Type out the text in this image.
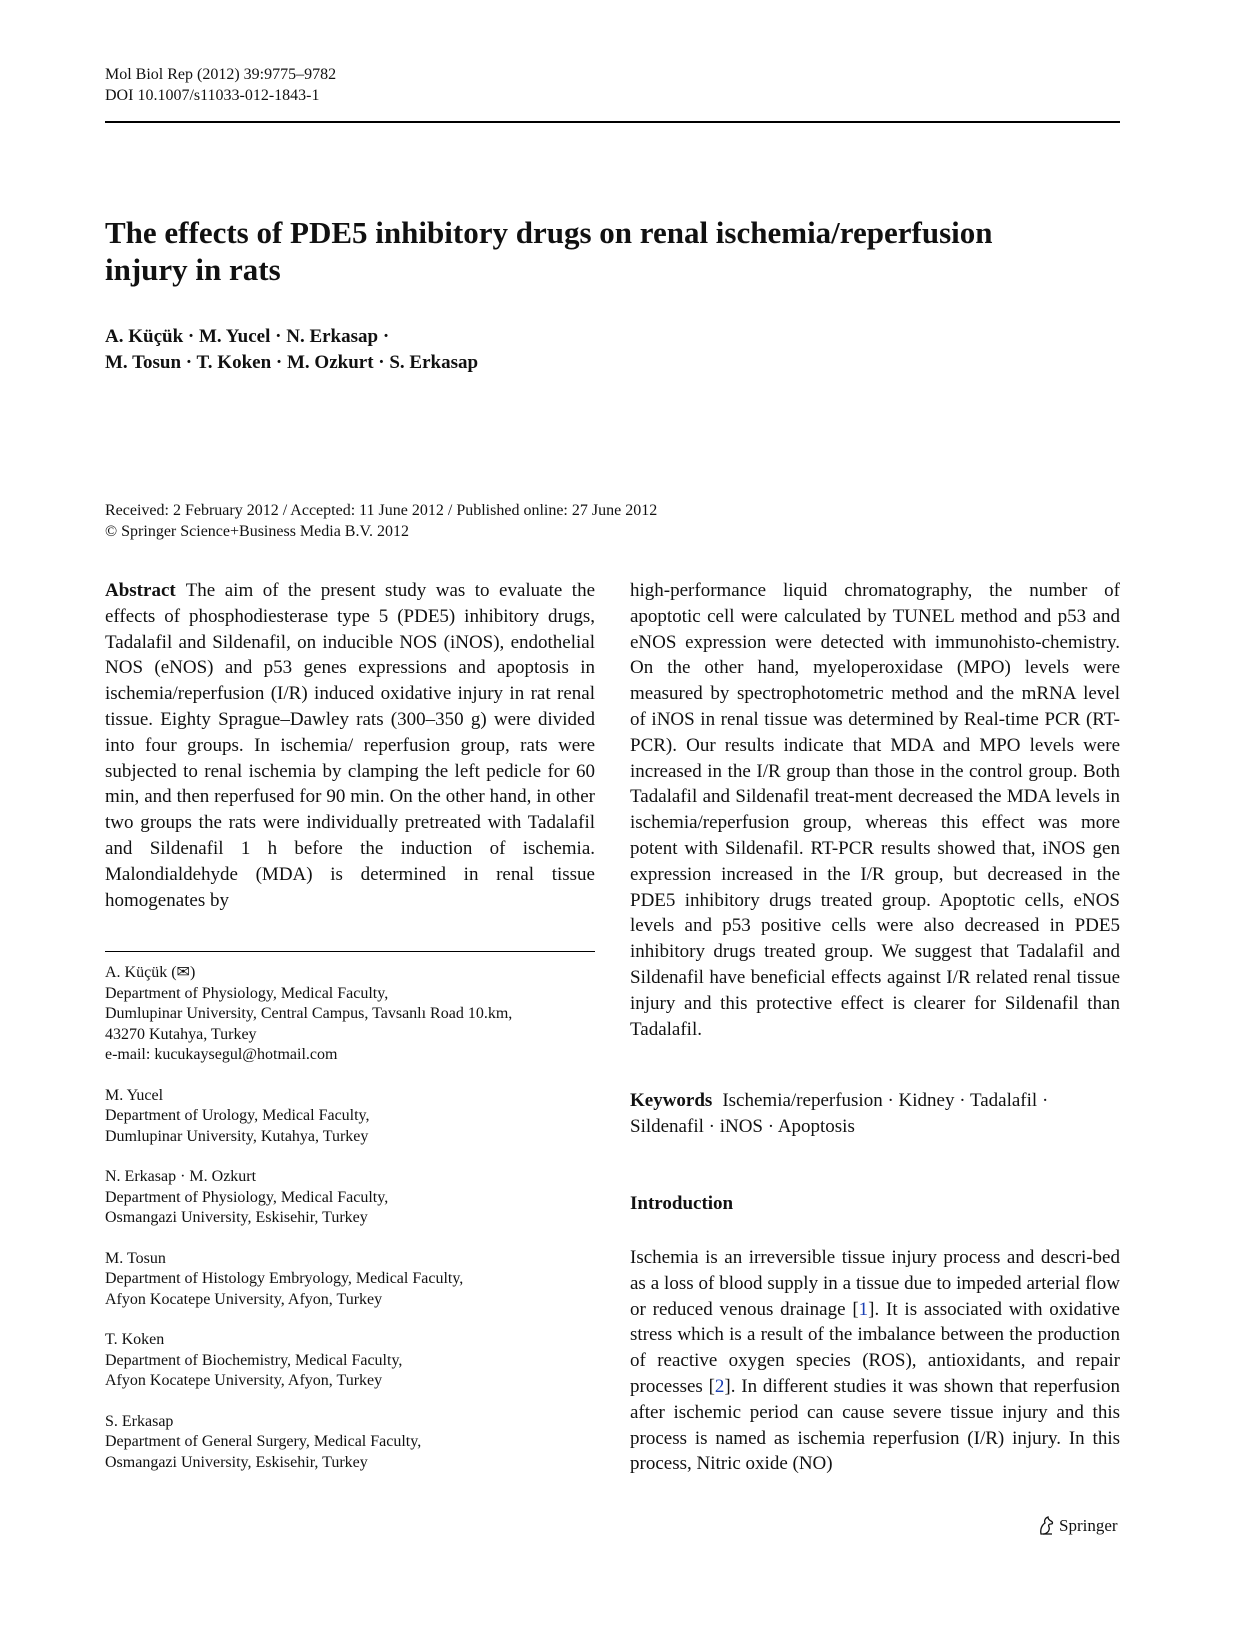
Mol Biol Rep (2012) 39:9775–9782
DOI 10.1007/s11033-012-1843-1
The effects of PDE5 inhibitory drugs on renal ischemia/reperfusion injury in rats
A. Küçük · M. Yucel · N. Erkasap ·
M. Tosun · T. Koken · M. Ozkurt · S. Erkasap
Received: 2 February 2012 / Accepted: 11 June 2012 / Published online: 27 June 2012
© Springer Science+Business Media B.V. 2012
Abstract The aim of the present study was to evaluate the effects of phosphodiesterase type 5 (PDE5) inhibitory drugs, Tadalafil and Sildenafil, on inducible NOS (iNOS), endothelial NOS (eNOS) and p53 genes expressions and apoptosis in ischemia/reperfusion (I/R) induced oxidative injury in rat renal tissue. Eighty Sprague–Dawley rats (300–350 g) were divided into four groups. In ischemia/ reperfusion group, rats were subjected to renal ischemia by clamping the left pedicle for 60 min, and then reperfused for 90 min. On the other hand, in other two groups the rats were individually pretreated with Tadalafil and Sildenafil 1 h before the induction of ischemia. Malondialdehyde (MDA) is determined in renal tissue homogenates by
high-performance liquid chromatography, the number of apoptotic cell were calculated by TUNEL method and p53 and eNOS expression were detected with immunohisto-chemistry. On the other hand, myeloperoxidase (MPO) levels were measured by spectrophotometric method and the mRNA level of iNOS in renal tissue was determined by Real-time PCR (RT-PCR). Our results indicate that MDA and MPO levels were increased in the I/R group than those in the control group. Both Tadalafil and Sildenafil treat-ment decreased the MDA levels in ischemia/reperfusion group, whereas this effect was more potent with Sildenafil. RT-PCR results showed that, iNOS gen expression increased in the I/R group, but decreased in the PDE5 inhibitory drugs treated group. Apoptotic cells, eNOS levels and p53 positive cells were also decreased in PDE5 inhibitory drugs treated group. We suggest that Tadalafil and Sildenafil have beneficial effects against I/R related renal tissue injury and this protective effect is clearer for Sildenafil than Tadalafil.
A. Küçük (✉)
Department of Physiology, Medical Faculty,
Dumlupinar University, Central Campus, Tavsanlı Road 10.km,
43270 Kutahya, Turkey
e-mail: kucukaysegul@hotmail.com
M. Yucel
Department of Urology, Medical Faculty,
Dumlupinar University, Kutahya, Turkey
N. Erkasap · M. Ozkurt
Department of Physiology, Medical Faculty,
Osmangazi University, Eskisehir, Turkey
M. Tosun
Department of Histology Embryology, Medical Faculty,
Afyon Kocatepe University, Afyon, Turkey
T. Koken
Department of Biochemistry, Medical Faculty,
Afyon Kocatepe University, Afyon, Turkey
S. Erkasap
Department of General Surgery, Medical Faculty,
Osmangazi University, Eskisehir, Turkey
Keywords Ischemia/reperfusion · Kidney · Tadalafil ·
Sildenafil · iNOS · Apoptosis
Introduction
Ischemia is an irreversible tissue injury process and descri-bed as a loss of blood supply in a tissue due to impeded arterial flow or reduced venous drainage [1]. It is associated with oxidative stress which is a result of the imbalance between the production of reactive oxygen species (ROS), antioxidants, and repair processes [2]. In different studies it was shown that reperfusion after ischemic period can cause severe tissue injury and this process is named as ischemia reperfusion (I/R) injury. In this process, Nitric oxide (NO)
Springer
